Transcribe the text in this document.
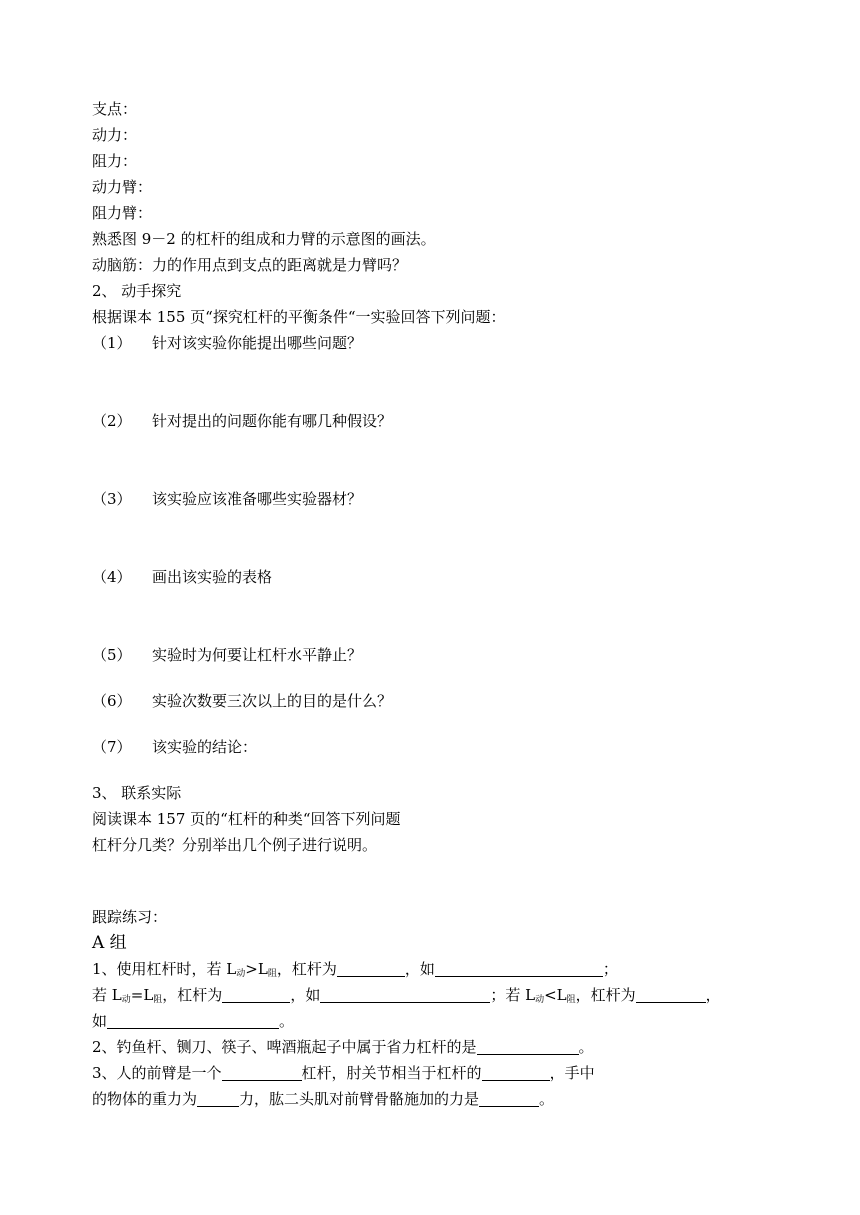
支点：
动力：
阻力：
动力臂：
阻力臂：
熟悉图 9－2 的杠杆的组成和力臂的示意图的画法。
动脑筋：力的作用点到支点的距离就是力臂吗？
2、 动手探究
根据课本 155 页“探究杠杆的平衡条件“一实验回答下列问题：
（1） 针对该实验你能提出哪些问题？
（2） 针对提出的问题你能有哪几种假设？
（3） 该实验应该准备哪些实验器材？
（4） 画出该实验的表格
（5） 实验时为何要让杠杆水平静止？
（6） 实验次数要三次以上的目的是什么？
（7） 该实验的结论：
3、 联系实际
阅读课本 157 页的“杠杆的种类“回答下列问题
杠杆分几类？分别举出几个例子进行说明。
跟踪练习：
A 组
1、使用杠杆时，若 $L_动>L_阻$，杠杆为	，如	；
若 $L_动=L_阻$，杠杆为	，如	；若 $L_动<L_阻$，杠杆为	，
如	。
2、钓鱼杆、铡刀、筷子、啤酒瓶起子中属于省力杠杆的是	。
3、人的前臂是一个	杠杆，肘关节相当于杠杆的	，手中
的物体的重力为	力，肱二头肌对前臂骨骼施加的力是	。
